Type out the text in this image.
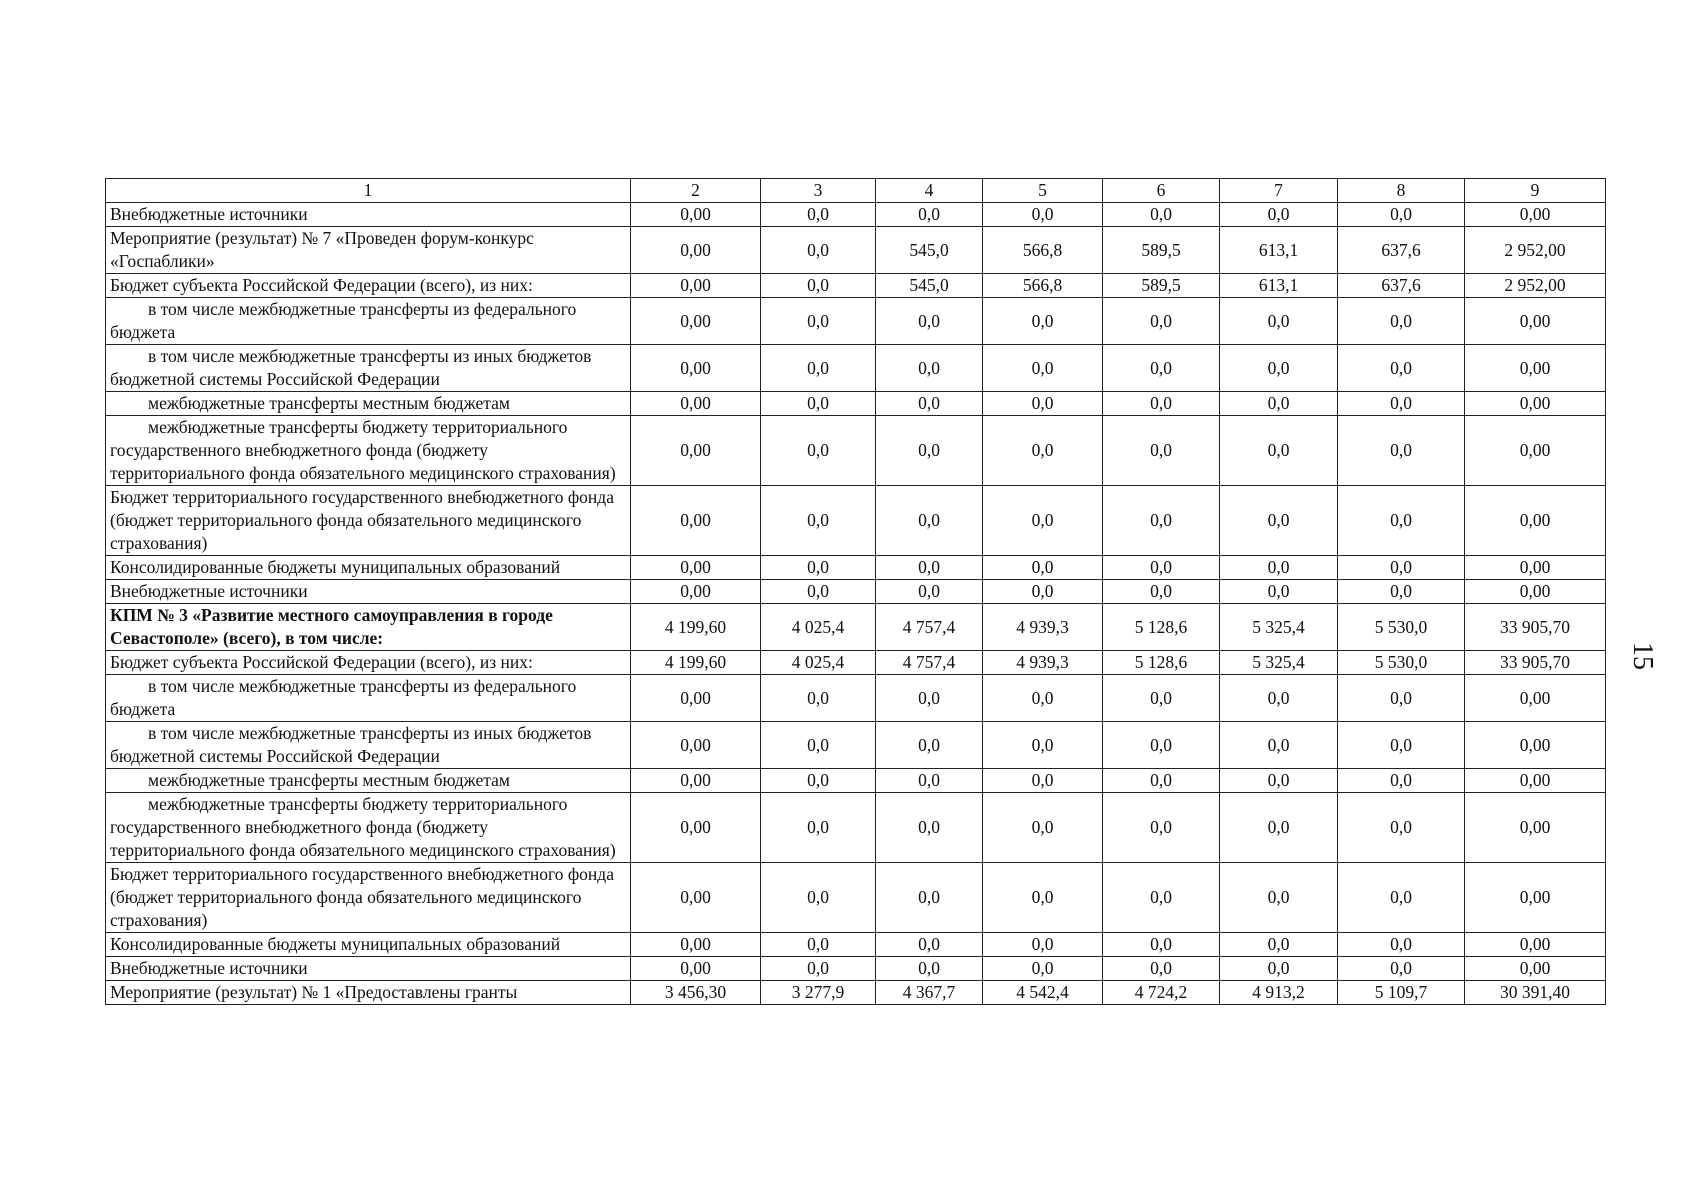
1	2	3	4	5	6	7	8	9
Внебюджетные источники	0,00	0,0	0,0	0,0	0,0	0,0	0,0	0,00
Мероприятие (результат) № 7 «Проведен форум-конкурс «Госпаблики»	0,00	0,0	545,0	566,8	589,5	613,1	637,6	2 952,00
Бюджет субъекта Российской Федерации (всего), из них:	0,00	0,0	545,0	566,8	589,5	613,1	637,6	2 952,00
в том числе межбюджетные трансферты из федерального бюджета	0,00	0,0	0,0	0,0	0,0	0,0	0,0	0,00
в том числе межбюджетные трансферты из иных бюджетов бюджетной системы Российской Федерации	0,00	0,0	0,0	0,0	0,0	0,0	0,0	0,00
межбюджетные трансферты местным бюджетам	0,00	0,0	0,0	0,0	0,0	0,0	0,0	0,00
межбюджетные трансферты бюджету территориального государственного внебюджетного фонда (бюджету территориального фонда обязательного медицинского страхования)	0,00	0,0	0,0	0,0	0,0	0,0	0,0	0,00
Бюджет территориального государственного внебюджетного фонда (бюджет территориального фонда обязательного медицинского страхования)	0,00	0,0	0,0	0,0	0,0	0,0	0,0	0,00
Консолидированные бюджеты муниципальных образований	0,00	0,0	0,0	0,0	0,0	0,0	0,0	0,00
Внебюджетные источники	0,00	0,0	0,0	0,0	0,0	0,0	0,0	0,00
КПМ № 3 «Развитие местного самоуправления в городе Севастополе» (всего), в том числе:	4 199,60	4 025,4	4 757,4	4 939,3	5 128,6	5 325,4	5 530,0	33 905,70
Бюджет субъекта Российской Федерации (всего), из них:	4 199,60	4 025,4	4 757,4	4 939,3	5 128,6	5 325,4	5 530,0	33 905,70
в том числе межбюджетные трансферты из федерального бюджета	0,00	0,0	0,0	0,0	0,0	0,0	0,0	0,00
в том числе межбюджетные трансферты из иных бюджетов бюджетной системы Российской Федерации	0,00	0,0	0,0	0,0	0,0	0,0	0,0	0,00
межбюджетные трансферты местным бюджетам	0,00	0,0	0,0	0,0	0,0	0,0	0,0	0,00
межбюджетные трансферты бюджету территориального государственного внебюджетного фонда (бюджету территориального фонда обязательного медицинского страхования)	0,00	0,0	0,0	0,0	0,0	0,0	0,0	0,00
Бюджет территориального государственного внебюджетного фонда (бюджет территориального фонда обязательного медицинского страхования)	0,00	0,0	0,0	0,0	0,0	0,0	0,0	0,00
Консолидированные бюджеты муниципальных образований	0,00	0,0	0,0	0,0	0,0	0,0	0,0	0,00
Внебюджетные источники	0,00	0,0	0,0	0,0	0,0	0,0	0,0	0,00
Мероприятие (результат) № 1 «Предоставлены гранты	3 456,30	3 277,9	4 367,7	4 542,4	4 724,2	4 913,2	5 109,7	30 391,40
15
